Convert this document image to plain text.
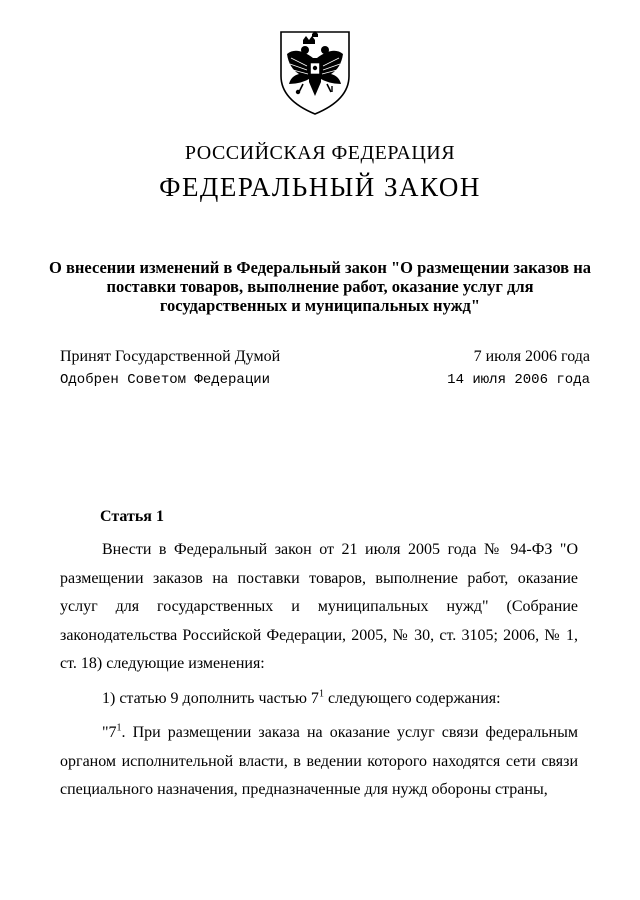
РОССИЙСКАЯ ФЕДЕРАЦИЯ
ФЕДЕРАЛЬНЫЙ ЗАКОН
О внесении изменений в Федеральный закон "О размещении заказов на
поставки товаров, выполнение работ, оказание услуг для
государственных и муниципальных нужд"
Принят Государственной Думой	7 июля 2006 года
Одобрен Советом Федерации	14 июля 2006 года
Статья 1

Внести в Федеральный закон от 21 июля 2005 года № 94-ФЗ "О размещении заказов на поставки товаров, выполнение работ, оказание услуг для государственных и муниципальных нужд" (Собрание законодательства Российской Федерации, 2005, № 30, ст. 3105; 2006, № 1, ст. 18) следующие изменения:

1) статью 9 дополнить частью $7^1$ следующего содержания:

"$7^1$. При размещении заказа на оказание услуг связи федеральным органом исполнительной власти, в ведении которого находятся сети связи специального назначения, предназначенные для нужд обороны страны,
